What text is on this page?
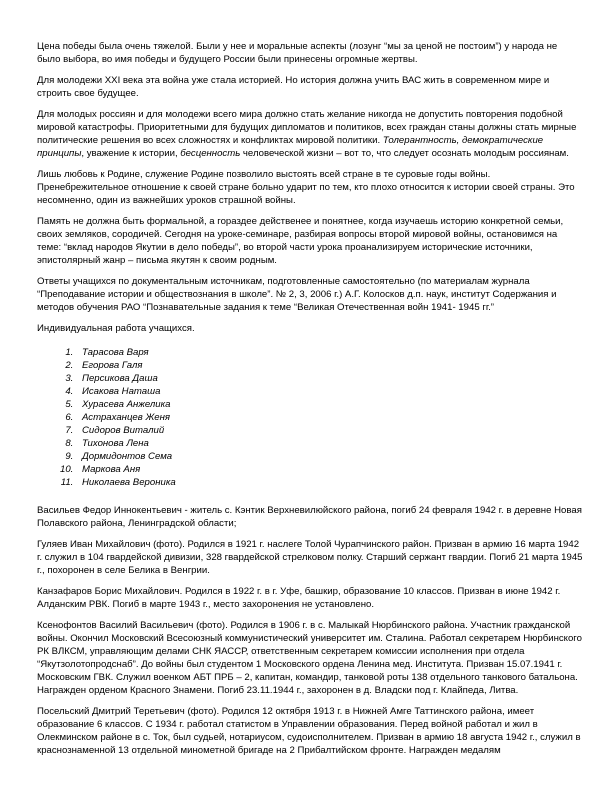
Цена победы была очень тяжелой. Были у нее и моральные аспекты (лозунг “мы за ценой не постоим”) у народа не было выбора, во имя победы и будущего России были принесены огромные жертвы.

Для молодежи XXI века эта война уже стала историей. Но история должна учить ВАС жить в современном мире и строить свое будущее.

Для молодых россиян и для молодежи всего мира должно стать желание никогда не допустить повторения подобной мировой катастрофы. Приоритетными для будущих дипломатов и политиков, всех граждан станы должны стать мирные политические решения во всех сложностях и конфликтах мировой политики. Толерантность, демократические принципы, уважение к истории, бесценность человеческой жизни – вот то, что следует осознать молодым россиянам.

Лишь любовь к Родине, служение Родине позволило выстоять всей стране в те суровые годы войны. Пренебрежительное отношение к своей стране больно ударит по тем, кто плохо относится к истории своей страны. Это несомненно, один из важнейших уроков страшной войны.

Память не должна быть формальной, а гораздее действенее и понятнее, когда изучаешь историю конкретной семьи, своих земляков, сородичей. Сегодня на уроке-семинаре, разбирая вопросы второй мировой войны, остановимся на теме: “вклад народов Якутии в дело победы”, во второй части урока проанализируем исторические источники, эпистолярный жанр – письма якутян к своим родным.

Ответы учащихся по документальным источникам, подготовленные самостоятельно (по материалам журнала “Преподавание истории и обществознания в школе”. № 2, 3, 2006 г.) А.Г. Колосков д.п. наук, институт Содержания и методов обучения РАО “Познавательные задания к теме “Великая Отечественная войн 1941- 1945 гг.”

Индивидуальная работа учащихся.

1. Тарасова Варя
2. Егорова Галя
3. Персикова Даша
4. Исакова Наташа
5. Хурасева Анжелика
6. Астраханцев Женя
7. Сидоров Виталий
8. Тихонова Лена
9. Дормидонтов Сема
10. Маркова Аня
11. Николаева Вероника

Васильев Федор Иннокентьевич - житель с. Кэнтик Верхневилюйского района, погиб 24 февраля 1942 г. в деревне Новая Полавского района, Ленинградской области;

Гуляев Иван Михайлович (фото). Родился в 1921 г. наслеге Толой Чурапчинского район. Призван в армию 16 марта 1942 г. служил в 104 гвардейской дивизии, 328 гвардейской стрелковом полку. Старший сержант гвардии. Погиб 21 марта 1945 г., похоронен в селе Белика в Венгрии.

Канзафаров Борис Михайлович. Родился в 1922 г. в г. Уфе, башкир, образование 10 классов. Призван в июне 1942 г. Алданским РВК. Погиб в марте 1943 г., место захоронения не установлено.

Ксенофонтов Василий Васильевич (фото). Родился в 1906 г. в с. Малыкай Нюрбинского района. Участник гражданской войны. Окончил Московский Всесоюзный коммунистический университет им. Сталина. Работал секретарем Нюрбинского РК ВЛКСМ, управляющим делами СНК ЯАССР, ответственным секретарем комиссии исполнения при отдела “Якутзолотопродснаб”. До войны был студентом 1 Московского ордена Ленина мед. Института. Призван 15.07.1941 г. Московским ГВК. Служил военком АБТ ПРБ – 2, капитан, командир, танковой роты 138 отдельного танкового батальона. Награжден орденом Красного Знамени. Погиб 23.11.1944 г., захоронен в д. Владски под г. Клайпеда, Литва.

Посельский Дмитрий Теретьевич (фото). Родился 12 октября 1913 г. в Нижней Амге Таттинского района, имеет образование 6 классов. С 1934 г. работал статистом в Управлении образования. Перед войной работал и жил в Олекминском районе в с. Ток, был судьей, нотариусом, судоисполнителем. Призван в армию 18 августа 1942 г., служил в краснознаменной 13 отдельной минометной бригаде на 2 Прибалтийском фронте. Награжден медалям
